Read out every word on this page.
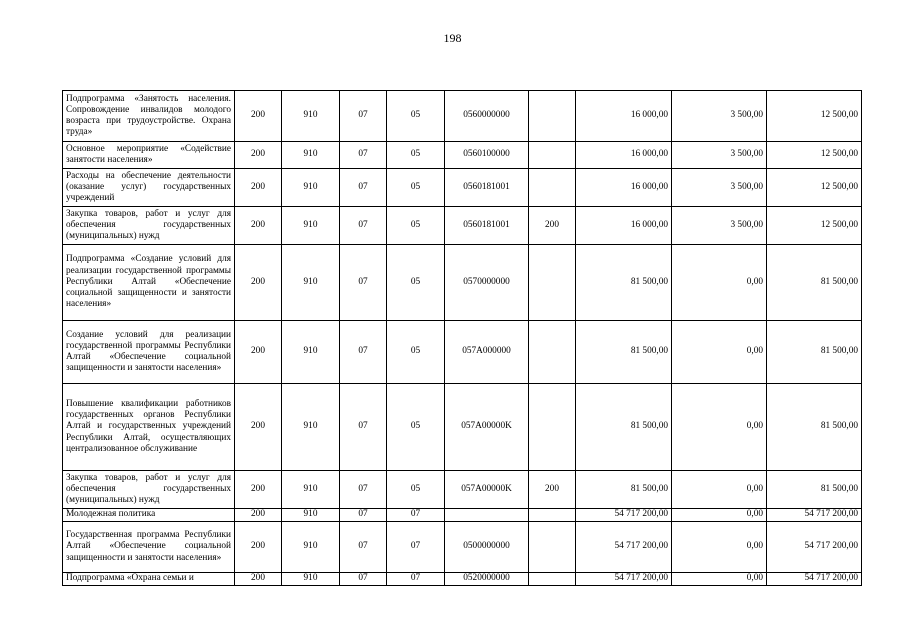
198
Подпрограмма «Занятость населения. Сопровождение инвалидов молодого возраста при трудоустройстве. Охрана труда»	200	910	07	05	0560000000		16 000,00	3 500,00	12 500,00
Основное мероприятие «Содействие занятости населения»	200	910	07	05	0560100000		16 000,00	3 500,00	12 500,00
Расходы на обеспечение деятельности (оказание услуг) государственных учреждений	200	910	07	05	0560181001		16 000,00	3 500,00	12 500,00
Закупка товаров, работ и услуг для обеспечения государственных (муниципальных) нужд	200	910	07	05	0560181001	200	16 000,00	3 500,00	12 500,00
Подпрограмма «Создание условий для реализации государственной программы Республики Алтай «Обеспечение социальной защищенности и занятости населения»	200	910	07	05	0570000000		81 500,00	0,00	81 500,00
Создание условий для реализации государственной программы Республики Алтай «Обеспечение социальной защищенности и занятости населения»	200	910	07	05	057A000000		81 500,00	0,00	81 500,00
Повышение квалификации работников государственных органов Республики Алтай и государственных учреждений Республики Алтай, осуществляющих централизованное обслуживание	200	910	07	05	057A00000K		81 500,00	0,00	81 500,00
Закупка товаров, работ и услуг для обеспечения государственных (муниципальных) нужд	200	910	07	05	057A00000K	200	81 500,00	0,00	81 500,00
Молодежная политика	200	910	07	07			54 717 200,00	0,00	54 717 200,00
Государственная программа Республики Алтай «Обеспечение социальной защищенности и занятости населения»	200	910	07	07	0500000000		54 717 200,00	0,00	54 717 200,00
Подпрограмма «Охрана семьи и	200	910	07	07	0520000000		54 717 200,00	0,00	54 717 200,00
